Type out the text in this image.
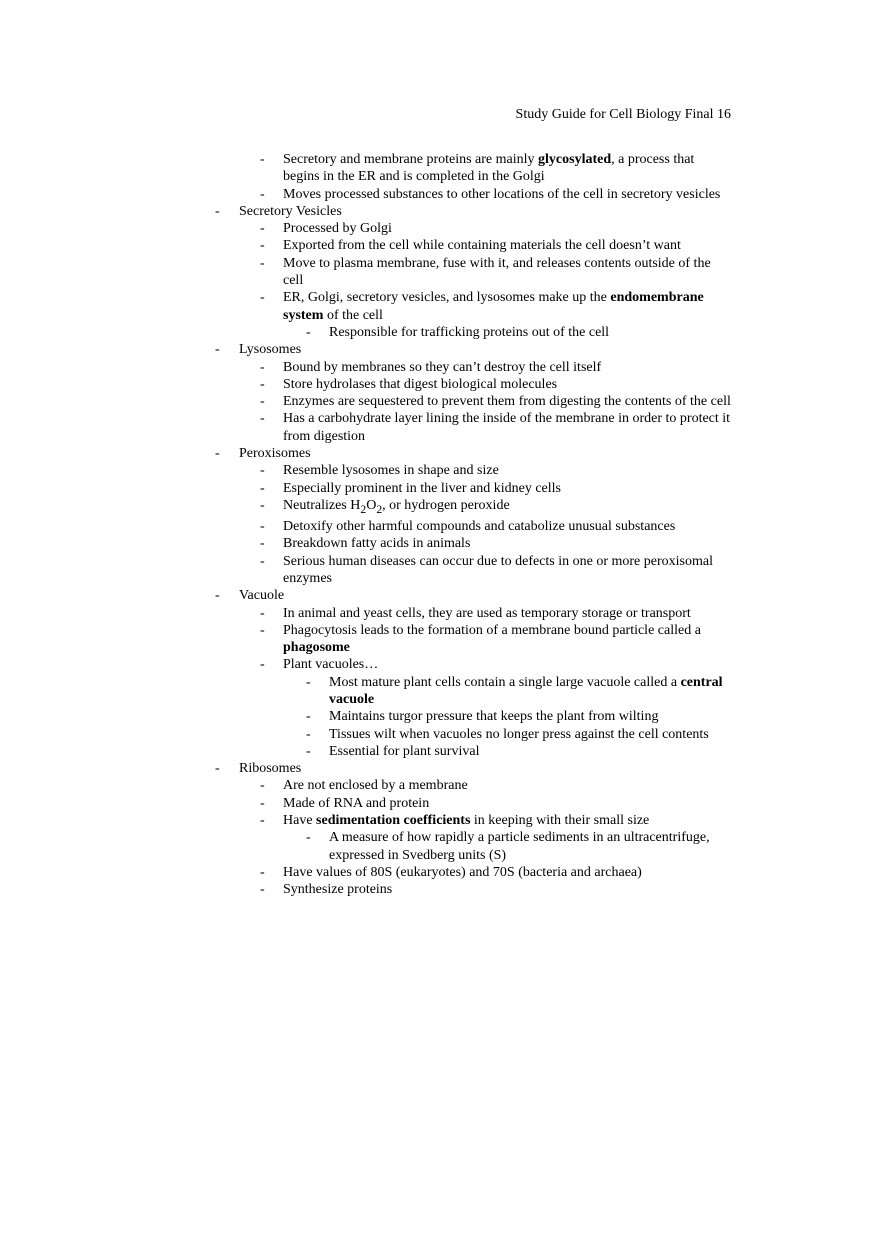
Study Guide for Cell Biology Final 16
- Secretory and membrane proteins are mainly glycosylated, a process that begins in the ER and is completed in the Golgi
- Moves processed substances to other locations of the cell in secretory vesicles
- Secretory Vesicles
- Processed by Golgi
- Exported from the cell while containing materials the cell doesn’t want
- Move to plasma membrane, fuse with it, and releases contents outside of the cell
- ER, Golgi, secretory vesicles, and lysosomes make up the endomembrane system of the cell
- Responsible for trafficking proteins out of the cell
- Lysosomes
- Bound by membranes so they can’t destroy the cell itself
- Store hydrolases that digest biological molecules
- Enzymes are sequestered to prevent them from digesting the contents of the cell
- Has a carbohydrate layer lining the inside of the membrane in order to protect it from digestion
- Peroxisomes
- Resemble lysosomes in shape and size
- Especially prominent in the liver and kidney cells
- Neutralizes $H_2O_2$, or hydrogen peroxide
- Detoxify other harmful compounds and catabolize unusual substances
- Breakdown fatty acids in animals
- Serious human diseases can occur due to defects in one or more peroxisomal enzymes
- Vacuole
- In animal and yeast cells, they are used as temporary storage or transport
- Phagocytosis leads to the formation of a membrane bound particle called a phagosome
- Plant vacuoles…
- Most mature plant cells contain a single large vacuole called a central vacuole
- Maintains turgor pressure that keeps the plant from wilting
- Tissues wilt when vacuoles no longer press against the cell contents
- Essential for plant survival
- Ribosomes
- Are not enclosed by a membrane
- Made of RNA and protein
- Have sedimentation coefficients in keeping with their small size
- A measure of how rapidly a particle sediments in an ultracentrifuge, expressed in Svedberg units (S)
- Have values of 80S (eukaryotes) and 70S (bacteria and archaea)
- Synthesize proteins
